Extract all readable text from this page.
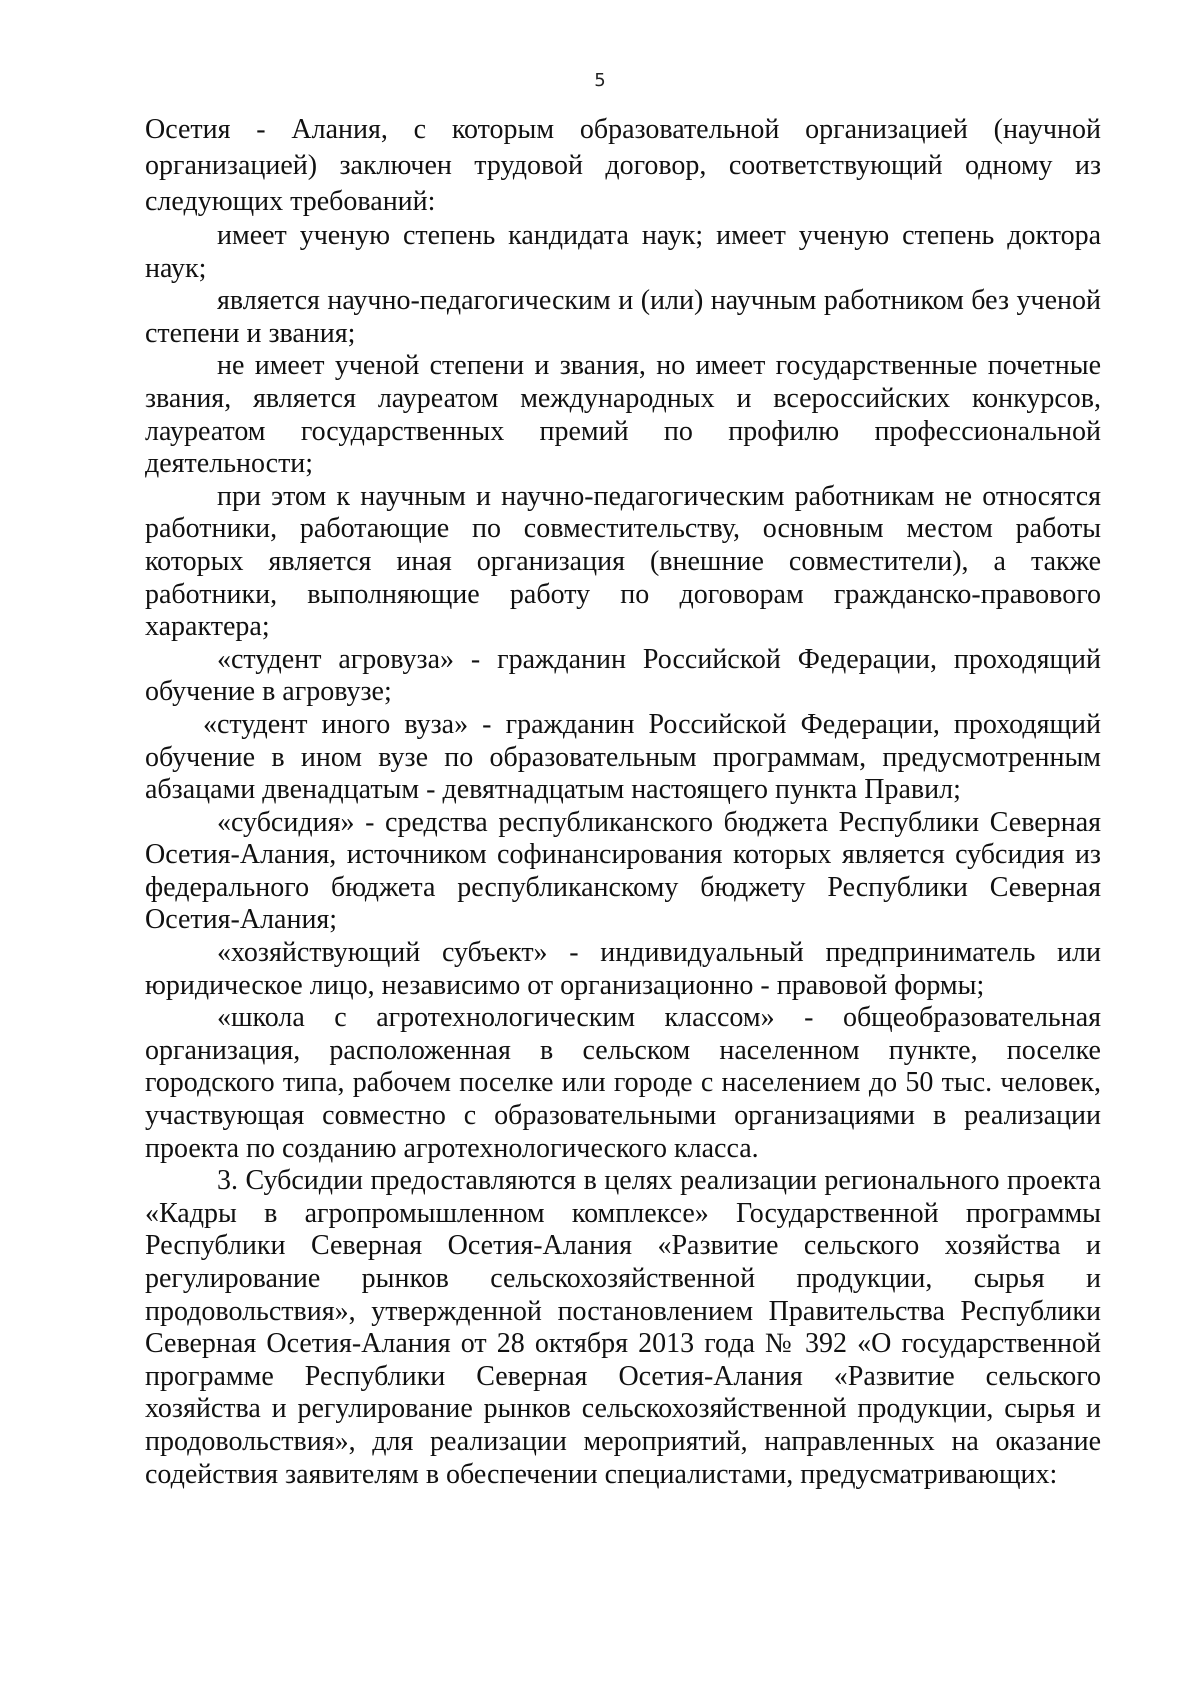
5

Осетия - Алания, с которым образовательной организацией (научной организацией) заключен трудовой договор, соответствующий одному из следующих требований:

имеет ученую степень кандидата наук; имеет ученую степень доктора наук;

является научно-педагогическим и (или) научным работником без ученой степени и звания;

не имеет ученой степени и звания, но имеет государственные почетные звания, является лауреатом международных и всероссийских конкурсов, лауреатом государственных премий по профилю профессиональной деятельности;

при этом к научным и научно-педагогическим работникам не относятся работники, работающие по совместительству, основным местом работы которых является иная организация (внешние совместители), а также работники, выполняющие работу по договорам гражданско-правового характера;

«студент агровуза» - гражданин Российской Федерации, проходящий обучение в агровузе;

«студент иного вуза» - гражданин Российской Федерации, проходящий обучение в ином вузе по образовательным программам, предусмотренным абзацами двенадцатым - девятнадцатым настоящего пункта Правил;

«субсидия» - средства республиканского бюджета Республики Северная Осетия-Алания, источником софинансирования которых является субсидия из федерального бюджета республиканскому бюджету Республики Северная Осетия-Алания;

«хозяйствующий субъект» - индивидуальный предприниматель или юридическое лицо, независимо от организационно - правовой формы;

«школа с агротехнологическим классом» - общеобразовательная организация, расположенная в сельском населенном пункте, поселке городского типа, рабочем поселке или городе с населением до 50 тыс. человек, участвующая совместно с образовательными организациями в реализации проекта по созданию агротехнологического класса.

3. Субсидии предоставляются в целях реализации регионального проекта «Кадры в агропромышленном комплексе» Государственной программы Республики Северная Осетия-Алания «Развитие сельского хозяйства и регулирование рынков сельскохозяйственной продукции, сырья и продовольствия», утвержденной постановлением Правительства Республики Северная Осетия-Алания от 28 октября 2013 года № 392 «О государственной программе Республики Северная Осетия-Алания «Развитие сельского хозяйства и регулирование рынков сельскохозяйственной продукции, сырья и продовольствия», для реализации мероприятий, направленных на оказание содействия заявителям в обеспечении специалистами, предусматривающих:
